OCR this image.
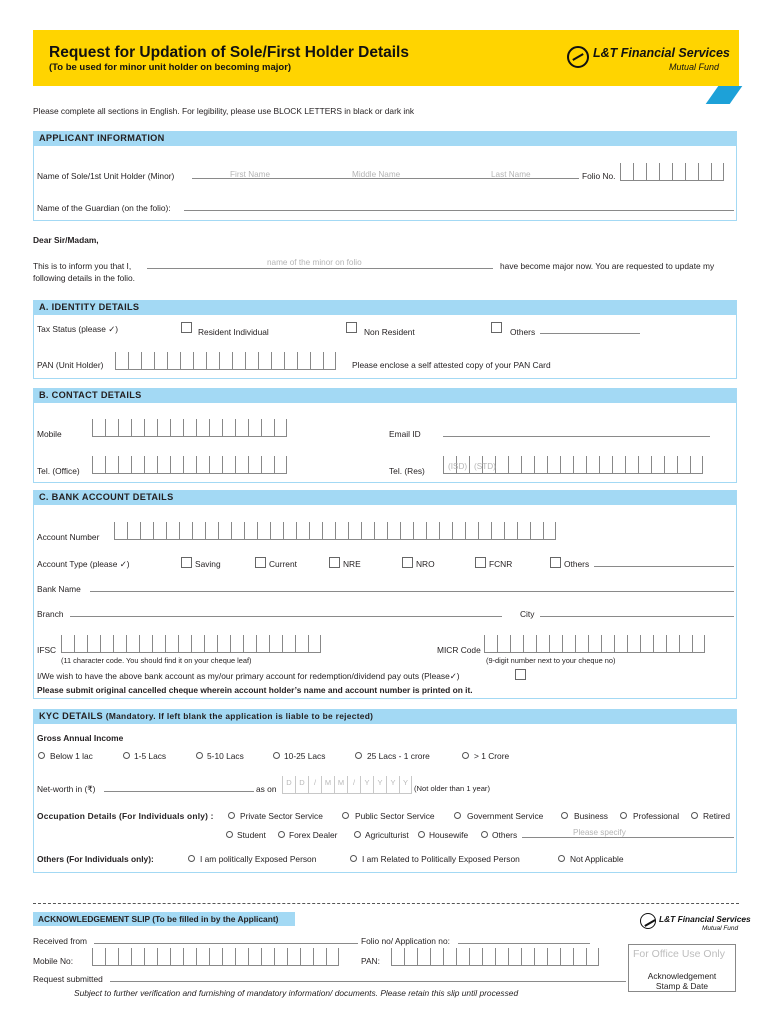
Request for Updation of Sole/First Holder Details
(To be used for minor unit holder on becoming major)
L&T Financial Services
Mutual Fund
Please complete all sections in English. For legibility, please use BLOCK LETTERS in black or dark ink
APPLICANT INFORMATION
Name of Sole/1st Unit Holder (Minor)	First Name	Middle Name	Last Name	Folio No.
Name of the Guardian (on the folio):
Dear Sir/Madam,
This is to inform you that I,	name of the minor on folio	have become major now. You are requested to update my
following details in the folio.
A. IDENTITY DETAILS
Tax Status (please ✓)	Resident Individual	Non Resident	Others
PAN (Unit Holder)	Please enclose a self attested copy of your PAN Card
B. CONTACT DETAILS
Mobile	Email ID
Tel. (Office)	Tel. (Res)	(ISD) (STD)
C. BANK ACCOUNT DETAILS
Account Number
Account Type (please ✓)	Saving	Current	NRE	NRO	FCNR	Others
Bank Name
Branch	City
IFSC
(11 character code. You should find it on your cheque leaf)
MICR Code
(9-digit number next to your cheque no)
I/We wish to have the above bank account as my/our primary account for redemption/dividend pay outs (Please✓)
Please submit original cancelled cheque wherein account holder’s name and account number is printed on it.
KYC DETAILS (Mandatory. If left blank the application is liable to be rejected)
Gross Annual Income
Below 1 lac	1-5 Lacs	5-10 Lacs	10-25 Lacs	25 Lacs - 1 crore	> 1 Crore
Net-worth in (₹)	as on
D	D	/	M M	/	Y	Y	Y Y
(Not older than 1 year)
Occupation Details (For Individuals only) :	Private Sector Service	Public Sector Service	Government Service	Business	Professional	Retired
Student	Forex Dealer	Agriculturist Housewife	Others	Please specify
Others (For Individuals only):	I am politically Exposed Person	I am Related to Politically Exposed Person	Not Applicable
ACKNOWLEDGEMENT SLIP (To be filled in by the Applicant)	L&T Financial Services
Mutual Fund
Received from	Folio no/ Application no:
Mobile No:	PAN:
Request submitted
For Office Use Only
Acknowledgement
Stamp & Date
Subject to further verification and furnishing of mandatory information/ documents. Please retain this slip until processed
